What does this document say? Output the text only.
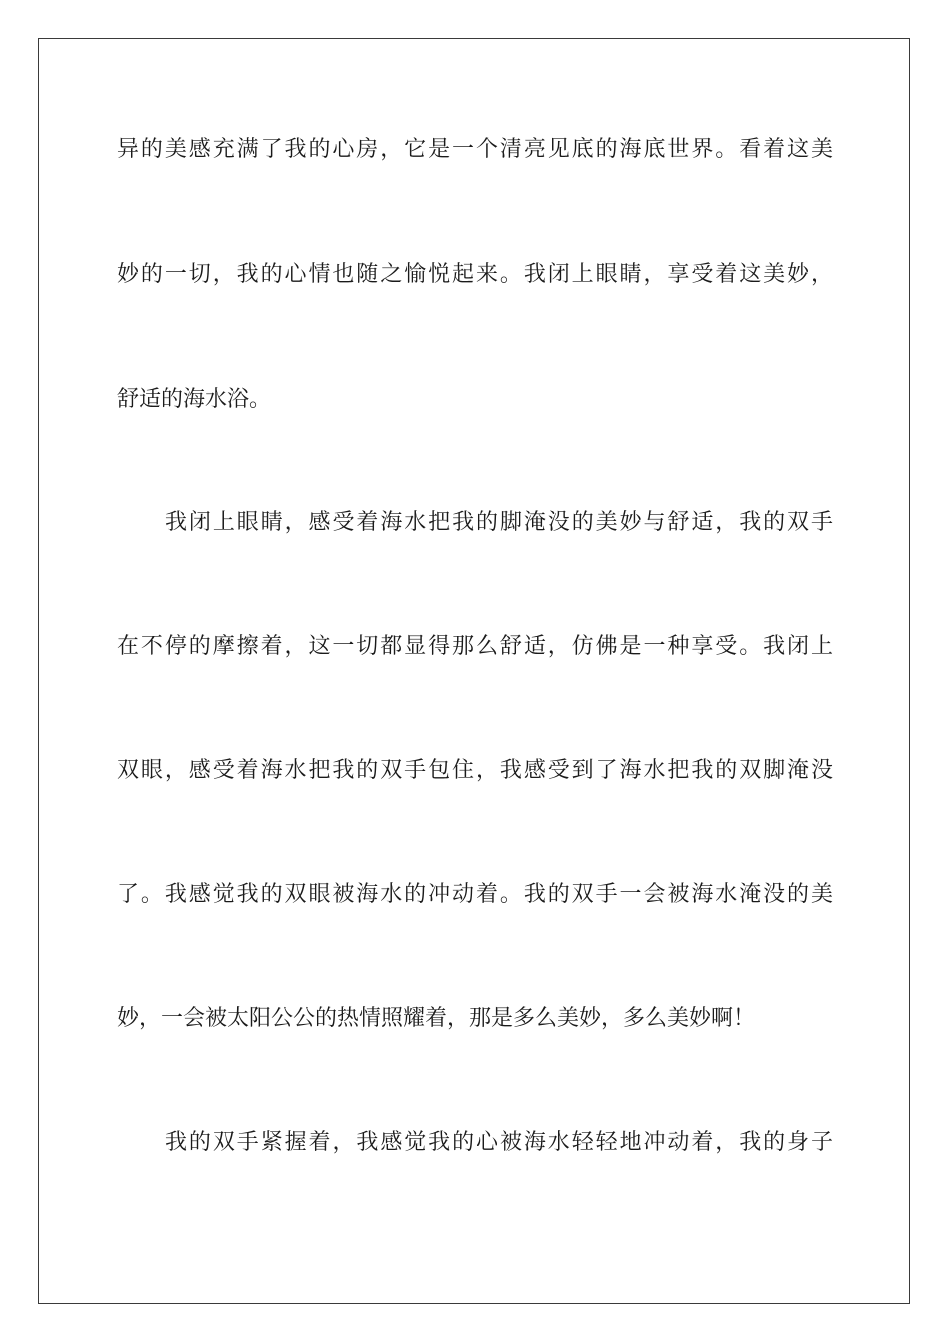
异的美感充满了我的心房，它是一个清亮见底的海底世界。看着这美
妙的一切，我的心情也随之愉悦起来。我闭上眼睛，享受着这美妙，
舒适的海水浴。
我闭上眼睛，感受着海水把我的脚淹没的美妙与舒适，我的双手
在不停的摩擦着，这一切都显得那么舒适，仿佛是一种享受。我闭上
双眼，感受着海水把我的双手包住，我感受到了海水把我的双脚淹没
了。我感觉我的双眼被海水的冲动着。我的双手一会被海水淹没的美
妙，一会被太阳公公的热情照耀着，那是多么美妙，多么美妙啊！
我的双手紧握着，我感觉我的心被海水轻轻地冲动着，我的身子
